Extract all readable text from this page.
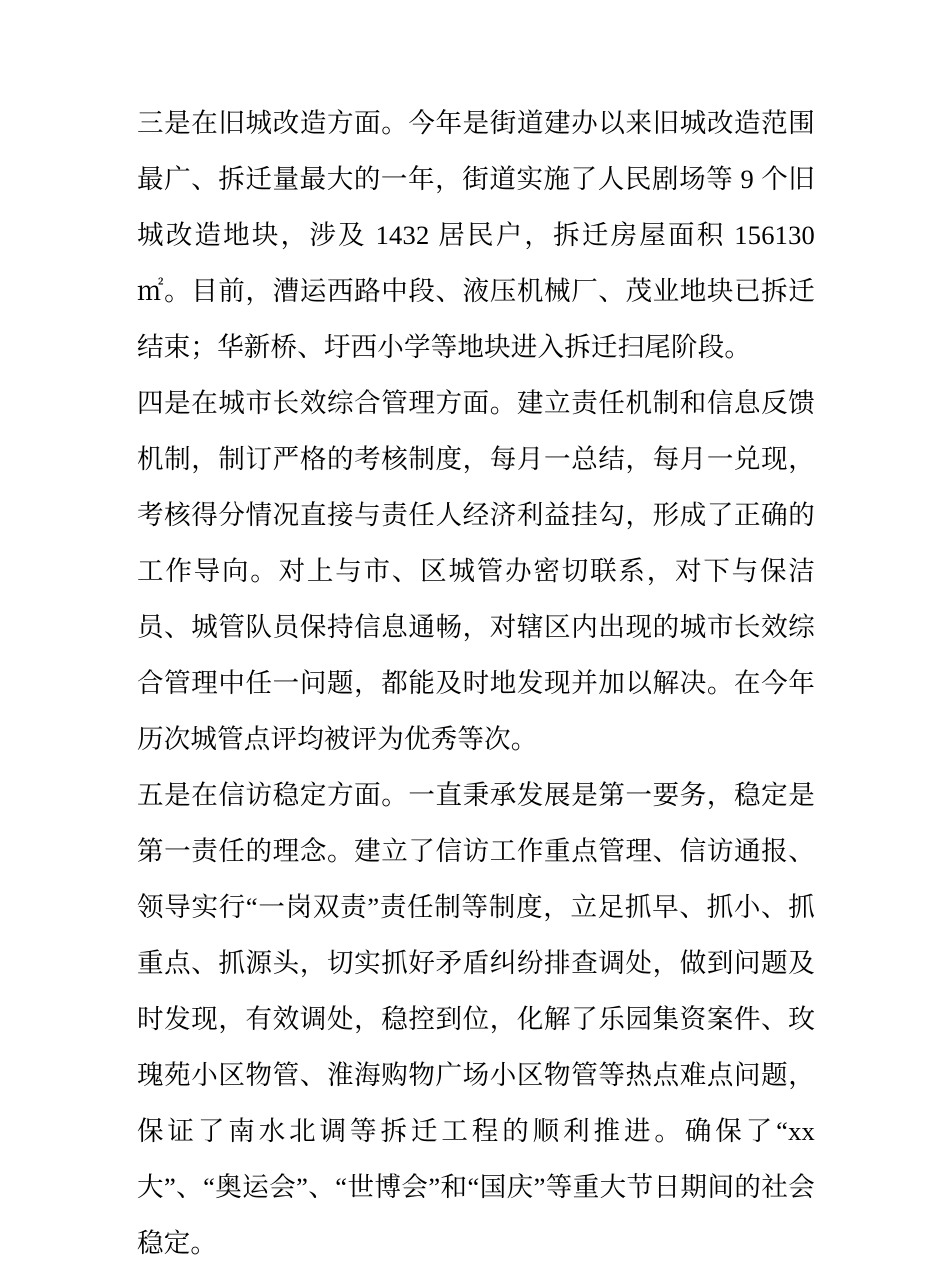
三是在旧城改造方面。今年是街道建办以来旧城改造范围最广、拆迁量最大的一年，街道实施了人民剧场等 9 个旧城改造地块，涉及 1432 居民户，拆迁房屋面积 156130㎡。目前，漕运西路中段、液压机械厂、茂业地块已拆迁结束；华新桥、圩西小学等地块进入拆迁扫尾阶段。

四是在城市长效综合管理方面。建立责任机制和信息反馈机制，制订严格的考核制度，每月一总结，每月一兑现，考核得分情况直接与责任人经济利益挂勾，形成了正确的工作导向。对上与市、区城管办密切联系，对下与保洁员、城管队员保持信息通畅，对辖区内出现的城市长效综合管理中任一问题，都能及时地发现并加以解决。在今年历次城管点评均被评为优秀等次。

五是在信访稳定方面。一直秉承发展是第一要务，稳定是第一责任的理念。建立了信访工作重点管理、信访通报、领导实行“一岗双责”责任制等制度，立足抓早、抓小、抓重点、抓源头，切实抓好矛盾纠纷排查调处，做到问题及时发现，有效调处，稳控到位，化解了乐园集资案件、玫瑰苑小区物管、淮海购物广场小区物管等热点难点问题，保证了南水北调等拆迁工程的顺利推进。确保了“xx 大”、“奥运会”、“世博会”和“国庆”等重大节日期间的社会稳定。
